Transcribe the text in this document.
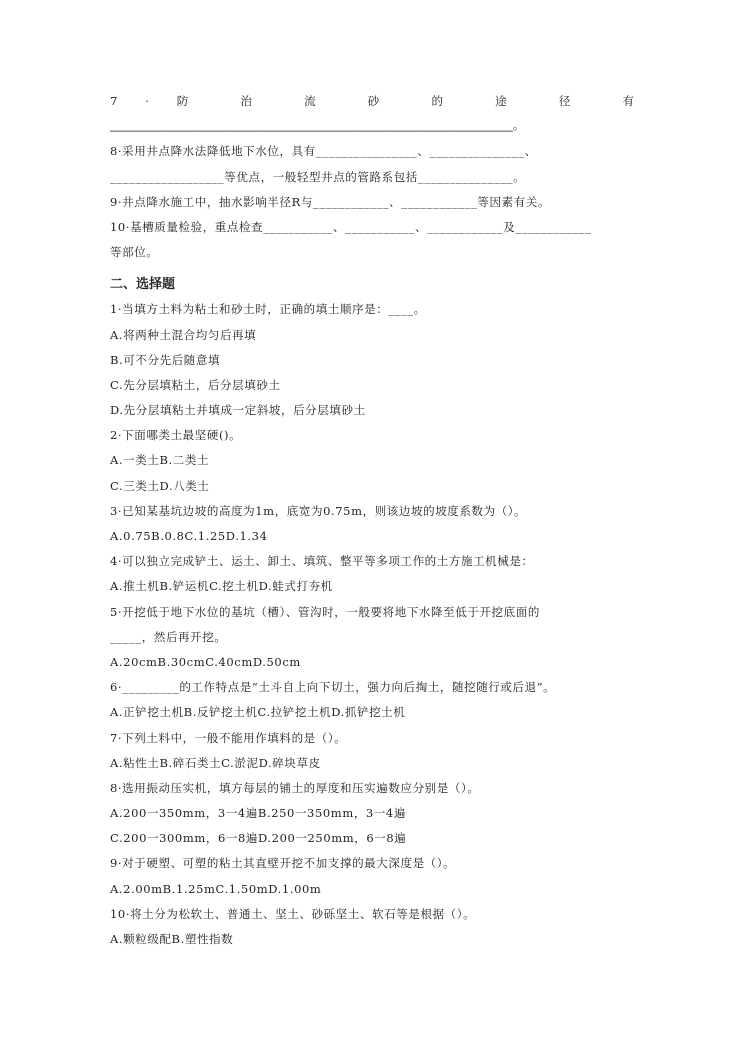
7 · 防 治 流 砂 的 途 径 有
_______________________________________________________________。
8·采用井点降水法降低地下水位，具有________________、_______________、
__________________等优点，一般轻型井点的管路系包括_______________。
9·井点降水施工中，抽水影响半径R与____________、____________等因素有关。
10·基槽质量检验，重点检查___________、___________、____________及____________
等部位。
二、选择题
1·当填方土料为粘土和砂土时，正确的填土顺序是：____。
A.将两种土混合均匀后再填
B.可不分先后随意填
C.先分层填粘土，后分层填砂土
D.先分层填粘土并填成一定斜坡，后分层填砂土
2·下面哪类土最坚硬()。
A.一类土B.二类土
C.三类土D.八类土
3·已知某基坑边坡的高度为1m，底宽为0.75m，则该边坡的坡度系数为（）。
A.0.75B.0.8C.1.25D.1.34
4·可以独立完成铲土、运土、卸土、填筑、整平等多项工作的土方施工机械是：
A.推土机B.铲运机C.挖土机D.蛙式打夯机
5·开挖低于地下水位的基坑（槽）、管沟时，一般要将地下水降至低于开挖底面的
_____，然后再开挖。
A.20cmB.30cmC.40cmD.50cm
6·_________的工作特点是“土斗自上向下切土，强力向后掏土，随挖随行或后退”。
A.正铲挖土机B.反铲挖土机C.拉铲挖土机D.抓铲挖土机
7·下列土料中，一般不能用作填料的是（）。
A.粘性土B.碎石类土C.淤泥D.碎块草皮
8·选用振动压实机，填方每层的铺土的厚度和压实遍数应分别是（）。
A.200一350mm，3一4遍B.250一350mm，3一4遍
C.200一300mm，6一8遍D.200一250mm，6一8遍
9·对于硬塑、可塑的粘土其直壁开挖不加支撑的最大深度是（）。
A.2.00mB.1.25mC.1.50mD.1.00m
10·将土分为松软土、普通土、坚土、砂砾坚土、软石等是根据（）。
A.颗粒级配B.塑性指数
